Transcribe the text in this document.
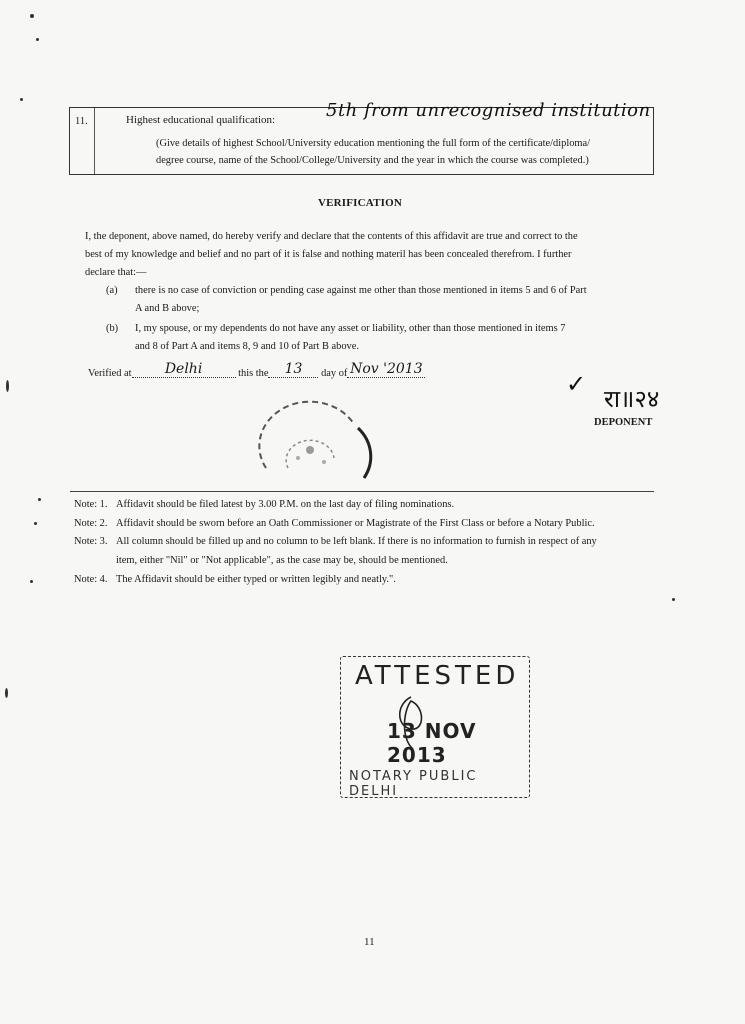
11.	Highest educational qualification:	5th from unrecognised institution
(Give details of highest School/University education mentioning the full form of the certificate/diploma/
degree course, name of the School/College/University and the year in which the course was completed.)
VERIFICATION
I, the deponent, above named, do hereby verify and declare that the contents of this affidavit are true and correct to the
best of my knowledge and belief and no part of it is false and nothing materil has been concealed therefrom. I further
declare that:—
(a) there is no case of conviction or pending case against me other than those mentioned in items 5 and 6 of Part
A and B above;
(b) I, my spouse, or my dependents do not have any asset or liability, other than those mentioned in items 7
and 8 of Part A and items 8, 9 and 10 of Part B above.
Verified at Delhi	this the 13 day of Nov '2013
✓ रा॥२४
DEPONENT
Note: 1. Affidavit should be filed latest by 3.00 P.M. on the last day of filing nominations.
Note: 2. Affidavit should be sworn before an Oath Commissioner or Magistrate of the First Class or before a Notary Public.
Note: 3. All column should be filled up and no column to be left blank. If there is no information to furnish in respect of any
item, either "Nil" or "Not applicable", as the case may be, should be mentioned.
Note: 4. The Affidavit should be either typed or written legibly and neatly.".
ATTESTED
13 NOV 2013
NOTARY PUBLIC DELHI
11
